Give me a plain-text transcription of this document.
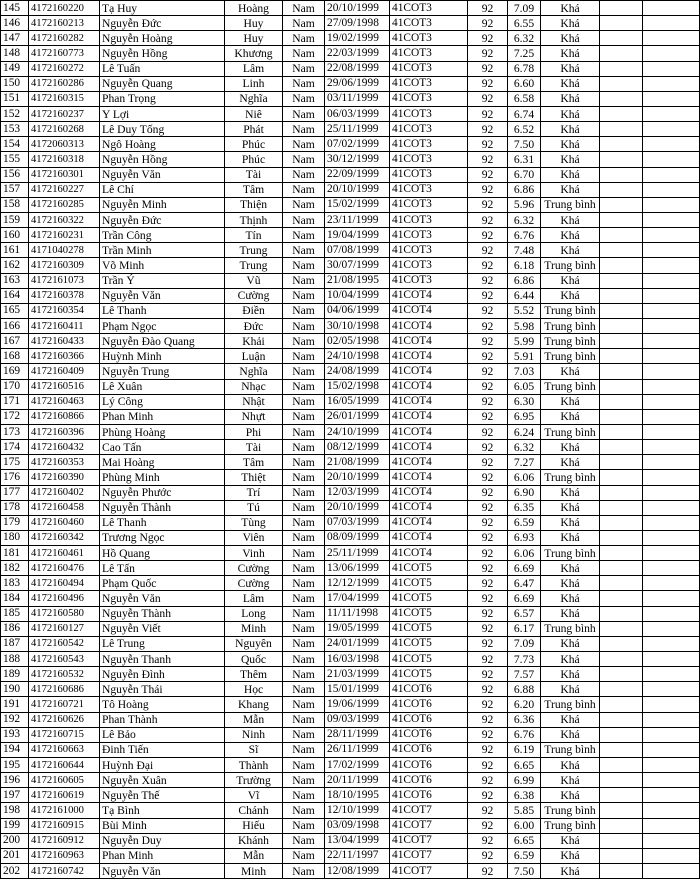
145	4172160220	Tạ Huy	Hoàng	Nam	20/10/1999	41COT3	92	7.09	Khá		
146	4172160213	Nguyễn Đức	Huy	Nam	27/09/1998	41COT3	92	6.55	Khá		
147	4172160282	Nguyễn Hoàng	Huy	Nam	19/02/1999	41COT3	92	6.32	Khá		
148	4172160773	Nguyễn Hồng	Khương	Nam	22/03/1999	41COT3	92	7.25	Khá		
149	4172160272	Lê Tuấn	Lâm	Nam	22/08/1999	41COT3	92	6.78	Khá		
150	4172160286	Nguyễn Quang	Linh	Nam	29/06/1999	41COT3	92	6.60	Khá		
151	4172160315	Phan Trọng	Nghĩa	Nam	03/11/1999	41COT3	92	6.58	Khá		
152	4172160237	Y Lợi	Niê	Nam	06/03/1999	41COT3	92	6.74	Khá		
153	4172160268	Lê Duy Tống	Phát	Nam	25/11/1999	41COT3	92	6.52	Khá		
154	4172060313	Ngô Hoàng	Phúc	Nam	07/02/1999	41COT3	92	7.50	Khá		
155	4172160318	Nguyễn Hồng	Phúc	Nam	30/12/1999	41COT3	92	6.31	Khá		
156	4172160301	Nguyễn Văn	Tài	Nam	22/09/1999	41COT3	92	6.70	Khá		
157	4172160227	Lê Chí	Tâm	Nam	20/10/1999	41COT3	92	6.86	Khá		
158	4172160285	Nguyễn Minh	Thiện	Nam	15/02/1999	41COT3	92	5.96	Trung bình		
159	4172160322	Nguyễn Đức	Thịnh	Nam	23/11/1999	41COT3	92	6.32	Khá		
160	4172160231	Trần Công	Tín	Nam	19/04/1999	41COT3	92	6.76	Khá		
161	4171040278	Trần Minh	Trung	Nam	07/08/1999	41COT3	92	7.48	Khá		
162	4172160309	Võ Minh	Trung	Nam	30/07/1999	41COT3	92	6.18	Trung bình		
163	4172161073	Trần Ý	Vũ	Nam	21/08/1995	41COT3	92	6.86	Khá		
164	4172160378	Nguyễn Văn	Cường	Nam	10/04/1999	41COT4	92	6.44	Khá		
165	4172160354	Lê Thanh	Điền	Nam	04/06/1999	41COT4	92	5.52	Trung bình		
166	4172160411	Phạm Ngọc	Đức	Nam	30/10/1998	41COT4	92	5.98	Trung bình		
167	4172160433	Nguyễn Đào Quang	Khải	Nam	02/05/1998	41COT4	92	5.99	Trung bình		
168	4172160366	Huỳnh Minh	Luận	Nam	24/10/1998	41COT4	92	5.91	Trung bình		
169	4172160409	Nguyễn Trung	Nghĩa	Nam	24/08/1999	41COT4	92	7.03	Khá		
170	4172160516	Lê Xuân	Nhạc	Nam	15/02/1998	41COT4	92	6.05	Trung bình		
171	4172160463	Lý Công	Nhật	Nam	16/05/1999	41COT4	92	6.30	Khá		
172	4172160866	Phan Minh	Nhựt	Nam	26/01/1999	41COT4	92	6.95	Khá		
173	4172160396	Phùng Hoàng	Phi	Nam	24/10/1999	41COT4	92	6.24	Trung bình		
174	4172160432	Cao Tấn	Tài	Nam	08/12/1999	41COT4	92	6.32	Khá		
175	4172160353	Mai Hoàng	Tâm	Nam	21/08/1999	41COT4	92	7.27	Khá		
176	4172160390	Phùng Minh	Thiệt	Nam	20/10/1999	41COT4	92	6.06	Trung bình		
177	4172160402	Nguyễn Phước	Trí	Nam	12/03/1999	41COT4	92	6.90	Khá		
178	4172160458	Nguyễn Thành	Tú	Nam	20/10/1999	41COT4	92	6.35	Khá		
179	4172160460	Lê Thanh	Tùng	Nam	07/03/1999	41COT4	92	6.59	Khá		
180	4172160342	Trương Ngọc	Viên	Nam	08/09/1999	41COT4	92	6.93	Khá		
181	4172160461	Hồ Quang	Vinh	Nam	25/11/1999	41COT4	92	6.06	Trung bình		
182	4172160476	Lê Tấn	Cường	Nam	13/06/1999	41COT5	92	6.69	Khá		
183	4172160494	Phạm Quốc	Cường	Nam	12/12/1999	41COT5	92	6.47	Khá		
184	4172160496	Nguyễn Văn	Lâm	Nam	17/04/1999	41COT5	92	6.69	Khá		
185	4172160580	Nguyễn Thành	Long	Nam	11/11/1998	41COT5	92	6.57	Khá		
186	4172160127	Nguyễn Viết	Minh	Nam	19/05/1999	41COT5	92	6.17	Trung bình		
187	4172160542	Lê Trung	Nguyên	Nam	24/01/1999	41COT5	92	7.09	Khá		
188	4172160543	Nguyễn Thanh	Quốc	Nam	16/03/1998	41COT5	92	7.73	Khá		
189	4172160532	Nguyễn Đình	Thêm	Nam	21/03/1999	41COT5	92	7.57	Khá		
190	4172160686	Nguyễn Thái	Học	Nam	15/01/1999	41COT6	92	6.88	Khá		
191	4172160721	Tô Hoàng	Khang	Nam	19/06/1999	41COT6	92	6.20	Trung bình		
192	4172160626	Phan Thành	Mẫn	Nam	09/03/1999	41COT6	92	6.36	Khá		
193	4172160715	Lê Bảo	Ninh	Nam	28/11/1999	41COT6	92	6.76	Khá		
194	4172160663	Đinh Tiến	Sĩ	Nam	26/11/1999	41COT6	92	6.19	Trung bình		
195	4172160644	Huỳnh Đại	Thành	Nam	17/02/1999	41COT6	92	6.65	Khá		
196	4172160605	Nguyễn Xuân	Trường	Nam	20/11/1999	41COT6	92	6.99	Khá		
197	4172160619	Nguyễn Thế	Vĩ	Nam	18/10/1995	41COT6	92	6.38	Khá		
198	4172161000	Tạ Bình	Chánh	Nam	12/10/1999	41COT7	92	5.85	Trung bình		
199	4172160915	Bùi Minh	Hiếu	Nam	03/09/1998	41COT7	92	6.00	Trung bình		
200	4172160912	Nguyễn Duy	Khánh	Nam	13/04/1999	41COT7	92	6.65	Khá		
201	4172160963	Phan Minh	Mẫn	Nam	22/11/1997	41COT7	92	6.59	Khá		
202	4172160742	Nguyễn Văn	Minh	Nam	12/08/1999	41COT7	92	7.50	Khá		
